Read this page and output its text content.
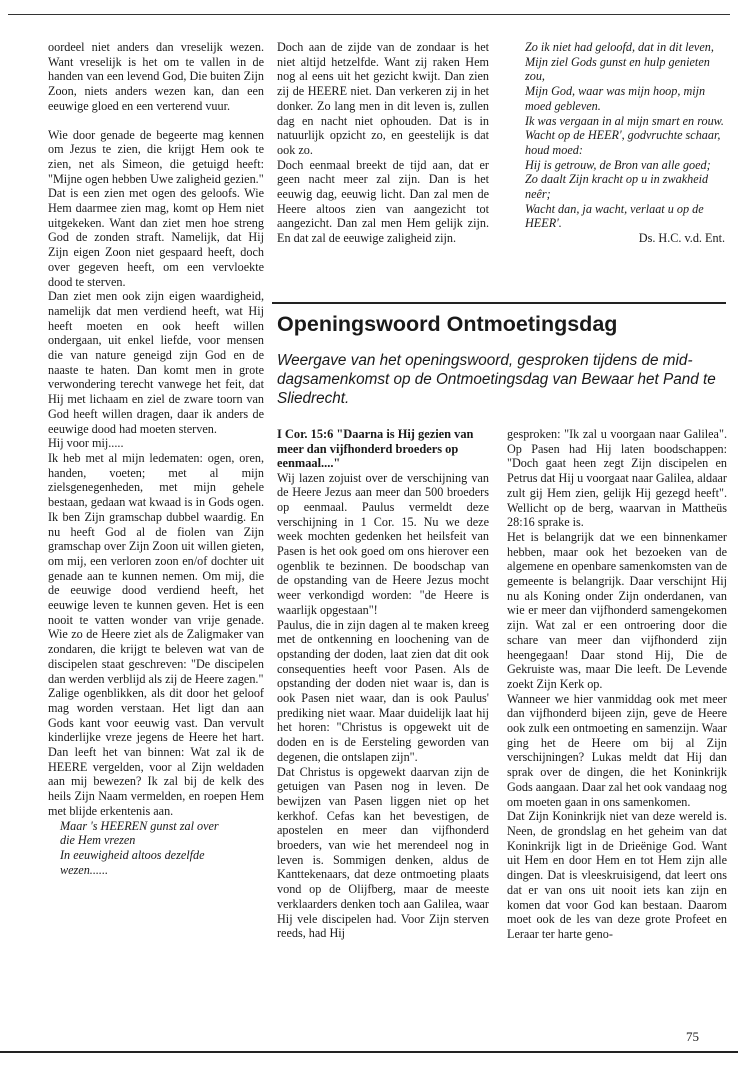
oordeel niet anders dan vreselijk wezen. Want vreselijk is het om te vallen in de handen van een levend God, Die buiten Zijn Zoon, niets anders wezen kan, dan een eeuwige gloed en een verterend vuur.

Wie door genade de begeerte mag kennen om Jezus te zien, die krijgt Hem ook te zien, net als Simeon, die getuigd heeft: "Mijne ogen hebben Uwe zaligheid gezien."

Dat is een zien met ogen des geloofs. Wie Hem daarmee zien mag, komt op Hem niet uitgekeken. Want dan ziet men hoe streng God de zonden straft. Namelijk, dat Hij Zijn eigen Zoon niet gespaard heeft, doch over gegeven heeft, om een vervloekte dood te sterven.

Dan ziet men ook zijn eigen waardigheid, namelijk dat men verdiend heeft, wat Hij heeft moeten en ook heeft willen ondergaan, uit enkel liefde, voor mensen die van nature geneigd zijn God en de naaste te haten. Dan komt men in grote verwondering terecht vanwege het feit, dat Hij met lichaam en ziel de zware toorn van God heeft willen dragen, daar ik anders de eeuwige dood had moeten sterven.

Hij voor mij.....

Ik heb met al mijn ledematen: ogen, oren, handen, voeten; met al mijn zielsgenegenheden, met mijn gehele bestaan, gedaan wat kwaad is in Gods ogen. Ik ben Zijn gramschap dubbel waardig. En nu heeft God al de fiolen van Zijn gramschap over Zijn Zoon uit willen gieten, om mij, een verloren zoon en/of dochter uit genade aan te kunnen nemen. Om mij, die de eeuwige dood verdiend heeft, het eeuwige leven te kunnen geven. Het is een nooit te vatten wonder van vrije genade. Wie zo de Heere ziet als de Zaligmaker van zondaren, die krijgt te beleven wat van de discipelen staat geschreven: "De discipelen dan werden verblijd als zij de Heere zagen."

Zalige ogenblikken, als dit door het geloof mag worden verstaan. Het ligt dan aan Gods kant voor eeuwig vast. Dan vervult kinderlijke vreze jegens de Heere het hart. Dan leeft het van binnen: Wat zal ik de HEERE vergelden, voor al Zijn weldaden aan mij bewezen? Ik zal bij de kelk des heils Zijn Naam vermelden, en roepen Hem met blijde erkentenis aan.

Maar 's HEEREN gunst zal over

die Hem vrezen

In eeuwigheid altoos dezelfde

wezen......

Doch aan de zijde van de zondaar is het niet altijd hetzelfde. Want zij raken Hem nog al eens uit het gezicht kwijt. Dan zien zij de HEERE niet. Dan verkeren zij in het donker. Zo lang men in dit leven is, zullen dag en nacht niet ophouden. Dat is in natuurlijk opzicht zo, en geestelijk is dat ook zo.

Doch eenmaal breekt de tijd aan, dat er geen nacht meer zal zijn. Dan is het eeuwig dag, eeuwig licht. Dan zal men de Heere altoos zien van aangezicht tot aangezicht. Dan zal men Hem gelijk zijn. En dat zal de eeuwige zaligheid zijn.

Zo ik niet had geloofd, dat in dit leven,

Mijn ziel Gods gunst en hulp genieten zou,

Mijn God, waar was mijn hoop, mijn moed gebleven.

Ik was vergaan in al mijn smart en rouw.

Wacht op de HEER', godvruchte schaar, houd moed:

Hij is getrouw, de Bron van alle goed;

Zo daalt Zijn kracht op u in zwakheid neêr;

Wacht dan, ja wacht, verlaat u op de HEER'.

Ds. H.C. v.d. Ent.

Openingswoord Ontmoetingsdag

Weergave van het openingswoord, gesproken tijdens de middagsamenkomst op de Ontmoetingsdag van Bewaar het Pand te Sliedrecht.

I Cor. 15:6 "Daarna is Hij gezien van meer dan vijfhonderd broeders op eenmaal...."

Wij lazen zojuist over de verschijning van de Heere Jezus aan meer dan 500 broeders op eenmaal. Paulus vermeldt deze verschijning in 1 Cor. 15. Nu we deze week mochten gedenken het heilsfeit van Pasen is het ook goed om ons hierover een ogenblik te bezinnen. De boodschap van de opstanding van de Heere Jezus mocht weer verkondigd worden: "de Heere is waarlijk opgestaan"!

Paulus, die in zijn dagen al te maken kreeg met de ontkenning en loochening van de opstanding der doden, laat zien dat dit ook consequenties heeft voor Pasen. Als de opstanding der doden niet waar is, dan is ook Pasen niet waar, dan is ook Paulus' prediking niet waar. Maar duidelijk laat hij het horen: "Christus is opgewekt uit de doden en is de Eersteling geworden van degenen, die ontslapen zijn".

Dat Christus is opgewekt daarvan zijn de getuigen van Pasen nog in leven. De bewijzen van Pasen liggen niet op het kerkhof. Cefas kan het bevestigen, de apostelen en meer dan vijfhonderd broeders, van wie het merendeel nog in leven is. Sommigen denken, aldus de Kanttekenaars, dat deze ontmoeting plaats vond op de Olijfberg, maar de meeste verklaarders denken toch aan Galilea, waar Hij vele discipelen had. Voor Zijn sterven reeds, had Hij

gesproken: "Ik zal u voorgaan naar Galilea". Op Pasen had Hij laten boodschappen: "Doch gaat heen zegt Zijn discipelen en Petrus dat Hij u voorgaat naar Galilea, aldaar zult gij Hem zien, gelijk Hij gezegd heeft". Wellicht op de berg, waarvan in Mattheüs 28:16 sprake is.

Het is belangrijk dat we een binnenkamer hebben, maar ook het bezoeken van de algemene en openbare samenkomsten van de gemeente is belangrijk. Daar verschijnt Hij nu als Koning onder Zijn onderdanen, van wie er meer dan vijfhonderd samengekomen zijn. Wat zal er een ontroering door die schare van meer dan vijfhonderd zijn heengegaan! Daar stond Hij, Die de Gekruiste was, maar Die leeft. De Levende zoekt Zijn Kerk op.

Wanneer we hier vanmiddag ook met meer dan vijfhonderd bijeen zijn, geve de Heere ook zulk een ontmoeting en samenzijn. Waar ging het de Heere om bij al Zijn verschijningen? Lukas meldt dat Hij dan sprak over de dingen, die het Koninkrijk Gods aangaan. Daar zal het ook vandaag nog om moeten gaan in ons samenkomen.

Dat Zijn Koninkrijk niet van deze wereld is. Neen, de grondslag en het geheim van dat Koninkrijk ligt in de Drieënige God. Want uit Hem en door Hem en tot Hem zijn alle dingen. Dat is vleeskruisigend, dat leert ons dat er van ons uit nooit iets kan zijn en komen dat voor God kan bestaan. Daarom moet ook de les van deze grote Profeet en Leraar ter harte geno-

75
